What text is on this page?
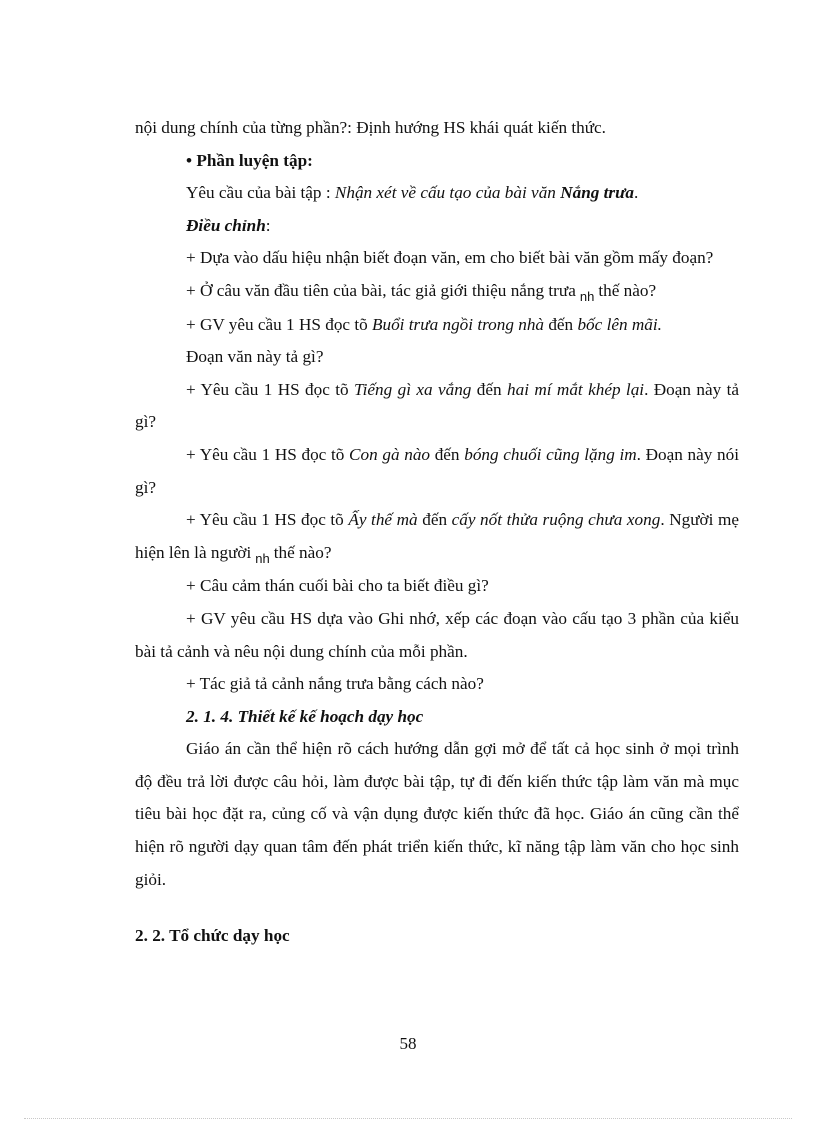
nội dung chính của từng phần?: Định hướng HS khái quát kiến thức.

• Phần luyện tập:

Yêu cầu của bài tập : Nhận xét về cấu tạo của bài văn Nắng trưa.

Điều chỉnh:

+ Dựa vào dấu hiệu nhận biết đoạn văn, em cho biết bài văn gồm mấy đoạn?

+ Ở câu văn đầu tiên của bài, tác giả giới thiệu nắng trưa $_{nh}$ thế nào?

+ GV yêu cầu 1 HS đọc tõ Buổi trưa ngồi trong nhà đến bốc lên mãi.

Đoạn văn này tả gì?

+ Yêu cầu 1 HS đọc tõ Tiếng gì xa vắng đến hai mí mắt khép lại. Đoạn này tả gì?

+ Yêu cầu 1 HS đọc tõ Con gà nào đến bóng chuối cũng lặng im. Đoạn này nói gì?

+ Yêu cầu 1 HS đọc tõ Ấy thế mà đến cấy nốt thửa ruộng chưa xong. Người mẹ hiện lên là người $_{nh}$ thế nào?

+ Câu cảm thán cuối bài cho ta biết điều gì?

+ GV yêu cầu HS dựa vào Ghi nhớ, xếp các đoạn vào cấu tạo 3 phần của kiểu bài tả cảnh và nêu nội dung chính của mỗi phần.

+ Tác giả tả cảnh nắng trưa bằng cách nào?

2. 1. 4. Thiết kế kế hoạch dạy học

Giáo án cần thể hiện rõ cách hướng dẫn gợi mở để tất cả học sinh ở mọi trình độ đều trả lời được câu hỏi, làm được bài tập, tự đi đến kiến thức tập làm văn mà mục tiêu bài học đặt ra, củng cố và vận dụng được kiến thức đã học. Giáo án cũng cần thể hiện rõ người dạy quan tâm đến phát triển kiến thức, kĩ năng tập làm văn cho học sinh giỏi.

2. 2. Tổ chức dạy học

58
